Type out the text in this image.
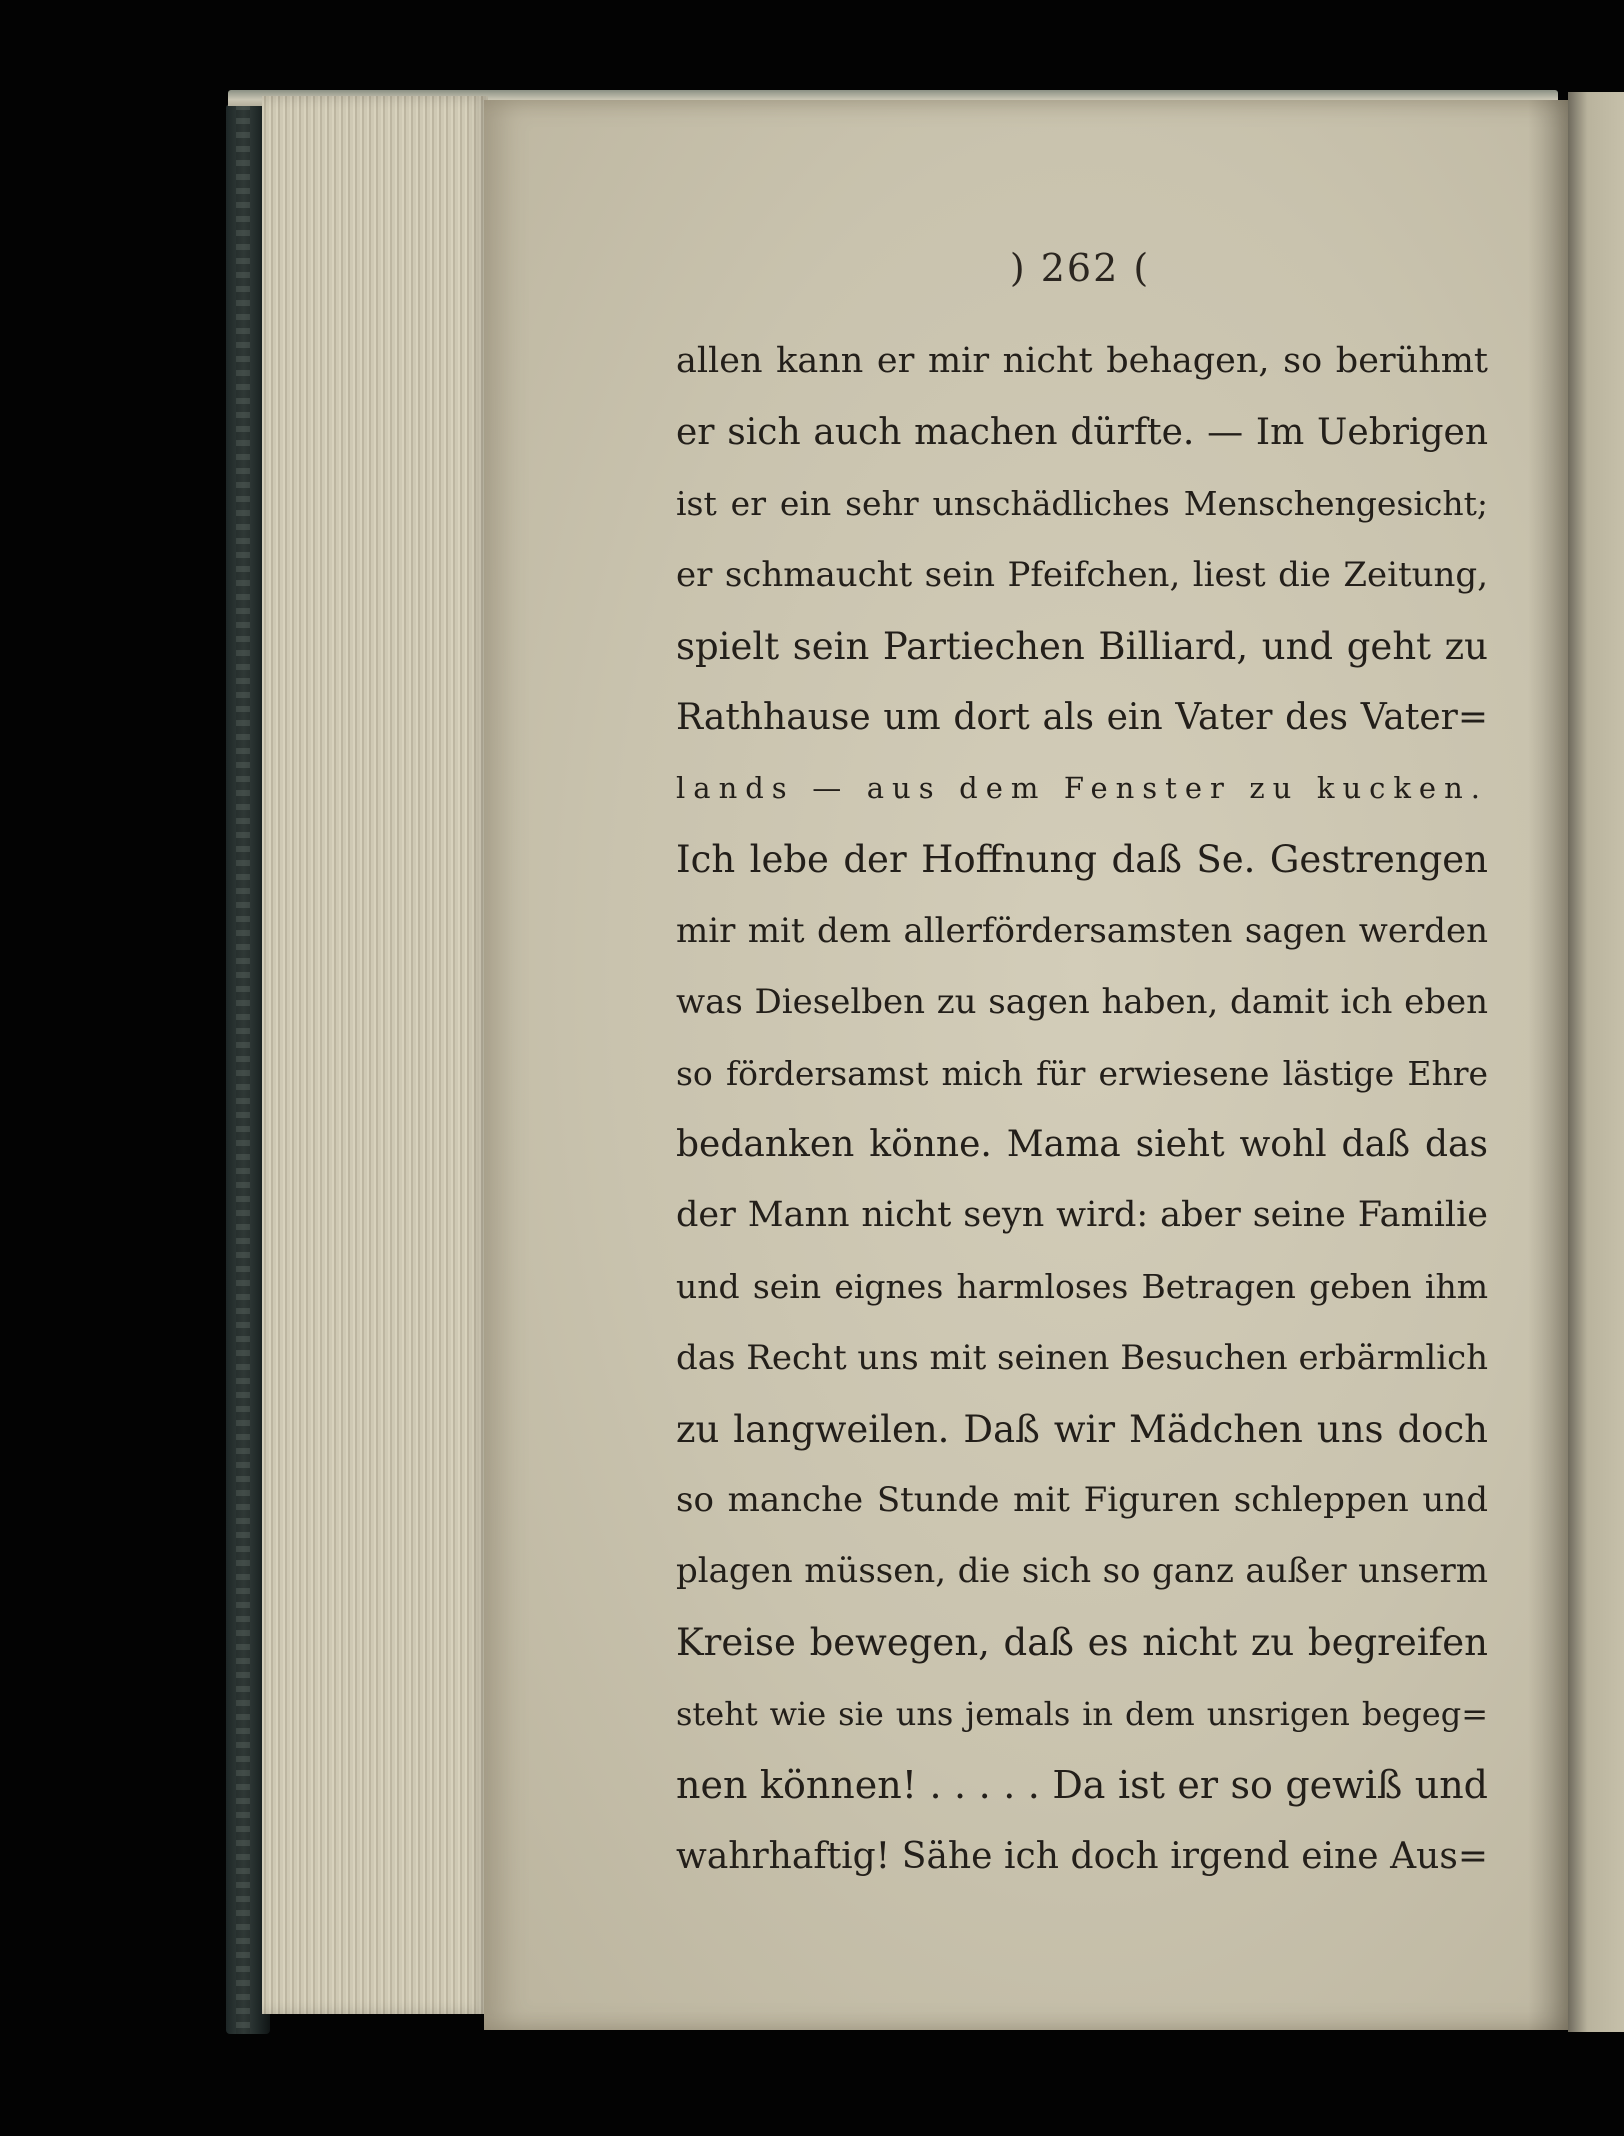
) 262 (
allen kann er mir nicht behagen, so berühmt
er sich auch machen dürfte. — Im Uebrigen
ist er ein sehr unschädliches Menschengesicht;
er schmaucht sein Pfeifchen, liest die Zeitung,
spielt sein Partiechen Billiard, und geht zu
Rathhause um dort als ein Vater des Vater=
lands — aus dem Fenster zu kucken.
Ich lebe der Hoffnung daß Se. Gestrengen
mir mit dem allerfördersamsten sagen werden
was Dieselben zu sagen haben, damit ich eben
so fördersamst mich für erwiesene lästige Ehre
bedanken könne. Mama sieht wohl daß das
der Mann nicht seyn wird: aber seine Familie
und sein eignes harmloses Betragen geben ihm
das Recht uns mit seinen Besuchen erbärmlich
zu langweilen. Daß wir Mädchen uns doch
so manche Stunde mit Figuren schleppen und
plagen müssen, die sich so ganz außer unserm
Kreise bewegen, daß es nicht zu begreifen
steht wie sie uns jemals in dem unsrigen begeg=
nen können! . . . . . Da ist er so gewiß und
wahrhaftig! Sähe ich doch irgend eine Aus=
